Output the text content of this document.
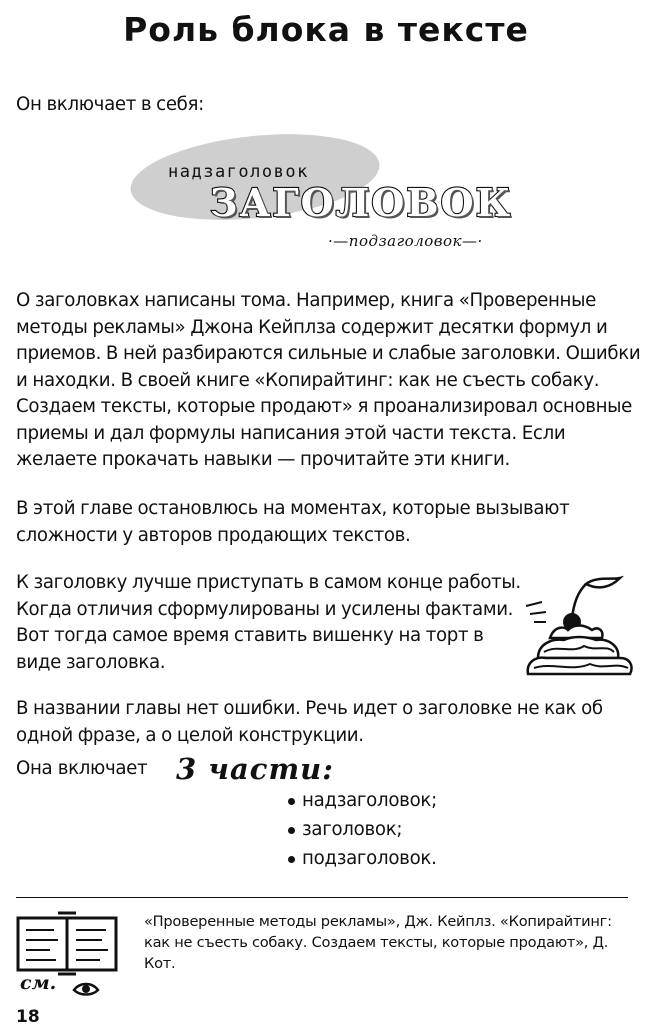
Роль блока в тексте
Он включает в себя:
надзаголовок
ЗАГОЛОВОК
·—подзаголовок—·
О заголовках написаны тома. Например, книга «Проверенные методы рекламы» Джона Кейплза содержит десятки формул и приемов. В ней разбираются сильные и слабые заголовки. Ошибки и находки. В своей книге «Копирайтинг: как не съесть собаку. Создаем тексты, которые продают» я проанализировал основные приемы и дал формулы написания этой части текста. Если желаете прокачать навыки — прочитайте эти книги.
В этой главе остановлюсь на моментах, которые вызывают сложности у авторов продающих текстов.
К заголовку лучше приступать в самом конце работы. Когда отличия сформулированы и усилены фактами. Вот тогда самое время ставить вишенку на торт в виде заголовка.
В названии главы нет ошибки. Речь идет о заголовке не как об одной фразе, а о целой конструкции.
Она включает 3 части:
надзаголовок;
заголовок;
подзаголовок.
см.
«Проверенные методы рекламы», Дж. Кейплз. «Копирайтинг: как не съесть собаку. Создаем тексты, которые продают», Д. Кот.
18
